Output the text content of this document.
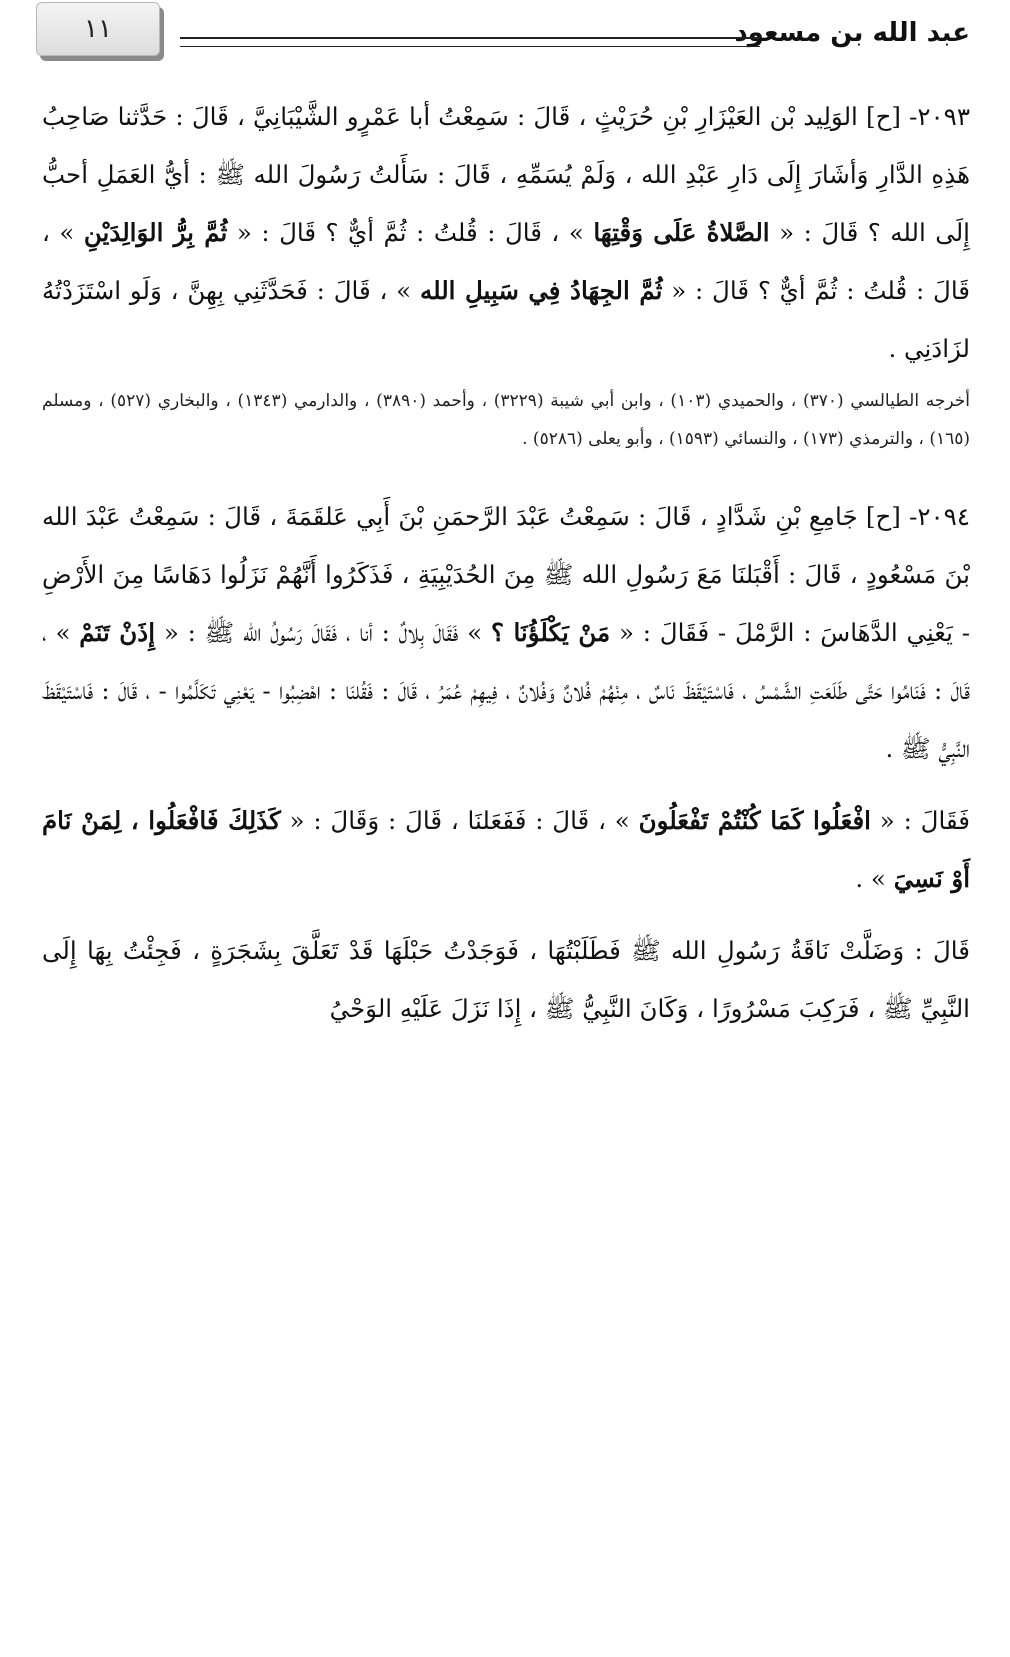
عبد الله بن مسعود
١١

٢٠٩٣- [ح] الوَلِيد بْن العَيْزَارِ بْنِ حُرَيْثٍ ، قَالَ : سَمِعْتُ أبا عَمْرٍو الشَّيْبَانِيَّ ، قَالَ : حَدَّثنا صَاحِبُ هَذِهِ الدَّارِ وَأشَارَ إِلَى دَارِ عَبْدِ الله ، وَلَمْ يُسَمِّهِ ، قَالَ : سَأَلتُ رَسُولَ الله ﷺ : أيُّ العَمَلِ أحبُّ إِلَى الله ؟ قَالَ : « الصَّلاةُ عَلَى وَقْتِهَا » ، قَالَ : قُلتُ : ثُمَّ أيٌّ ؟ قَالَ : « ثُمَّ بِرُّ الوَالِدَيْنِ » ، قَالَ : قُلتُ : ثُمَّ أيٌّ ؟ قَالَ : « ثُمَّ الجِهَادُ فِي سَبِيلِ الله » ، قَالَ : فَحَدَّثَنِي بِهِنَّ ، وَلَو اسْتَزَدْتُهُ لزَادَنِي .

أخرجه الطيالسي (٣٧٠) ، والحميدي (١٠٣) ، وابن أبي شيبة (٣٢٢٩) ، وأحمد (٣٨٩٠) ، والدارمي (١٣٤٣) ، والبخاري (٥٢٧) ، ومسلم (١٦٥) ، والترمذي (١٧٣) ، والنسائي (١٥٩٣) ، وأبو يعلى (٥٢٨٦) .

٢٠٩٤- [ح] جَامِعِ بْنِ شَدَّادٍ ، قَالَ : سَمِعْتُ عَبْدَ الرَّحمَنِ بْنَ أَبِي عَلقَمَةَ ، قَالَ : سَمِعْتُ عَبْدَ الله بْنَ مَسْعُودٍ ، قَالَ : أَقْبَلنَا مَعَ رَسُولِ الله ﷺ مِنَ الحُدَيْبِيَةِ ، فَذَكَرُوا أَنَّهُمْ نَزَلُوا دَهَاسًا مِنَ الأَرْضِ - يَعْنِي الدَّهَاسَ : الرَّمْلَ - فَقَالَ : « مَنْ يَكْلَؤُنَا ؟ » فَقَالَ بِلالٌ : أنا ، فَقَالَ رَسُولُ الله ﷺ : « إِذَنْ تَنَمْ » ، قَالَ : فَنَامُوا حَتَّى طَلَعَتِ الشَّمْسُ ، فَاسْتَيْقَظَ نَاسٌ ، مِنْهُمْ فُلانٌ وَفُلانٌ ، فِيهِمْ عُمَرُ ، قَالَ : فَقُلنَا : اهْضِبُوا - يَعْنِي تَكَلَّمُوا - ، قَالَ : فَاسْتَيْقَظَ النَّبِيُّ ﷺ .

فَقَالَ : « افْعَلُوا كَمَا كُنْتُمْ تَفْعَلُونَ » ، قَالَ : فَفَعَلنَا ، قَالَ : وَقَالَ : « كَذَلِكَ فَافْعَلُوا ، لِمَنْ نَامَ أَوْ نَسِيَ » .

قَالَ : وَضَلَّتْ نَاقَةُ رَسُولِ الله ﷺ فَطَلَبْتُهَا ، فَوَجَدْتُ حَبْلَهَا قَدْ تَعَلَّقَ بِشَجَرَةٍ ، فَجِئْتُ بِهَا إِلَى النَّبِيِّ ﷺ ، فَرَكِبَ مَسْرُورًا ، وَكَانَ النَّبِيُّ ﷺ ، إِذَا نَزَلَ عَلَيْهِ الوَحْيُ
